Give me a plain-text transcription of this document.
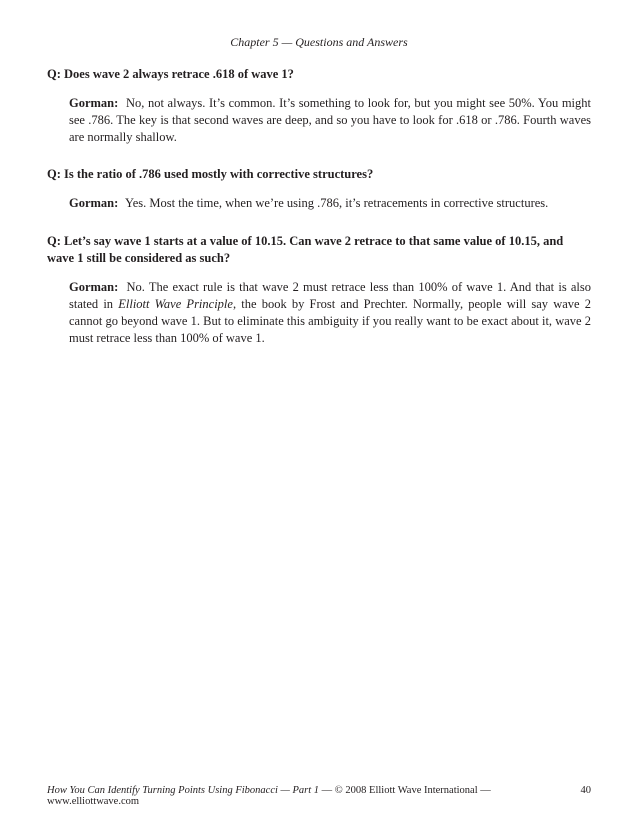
Chapter 5 — Questions and Answers
Q: Does wave 2 always retrace .618 of wave 1?
Gorman: No, not always. It’s common. It’s something to look for, but you might see 50%. You might see .786. The key is that second waves are deep, and so you have to look for .618 or .786. Fourth waves are normally shallow.
Q: Is the ratio of .786 used mostly with corrective structures?
Gorman: Yes. Most the time, when we’re using .786, it’s retracements in corrective structures.
Q: Let’s say wave 1 starts at a value of 10.15. Can wave 2 retrace to that same value of 10.15, and wave 1 still be considered as such?
Gorman: No. The exact rule is that wave 2 must retrace less than 100% of wave 1. And that is also stated in Elliott Wave Principle, the book by Frost and Prechter. Normally, people will say wave 2 cannot go beyond wave 1. But to eliminate this ambiguity if you really want to be exact about it, wave 2 must retrace less than 100% of wave 1.
How You Can Identify Turning Points Using Fibonacci — Part 1 — © 2008 Elliott Wave International — www.elliottwave.com
40
